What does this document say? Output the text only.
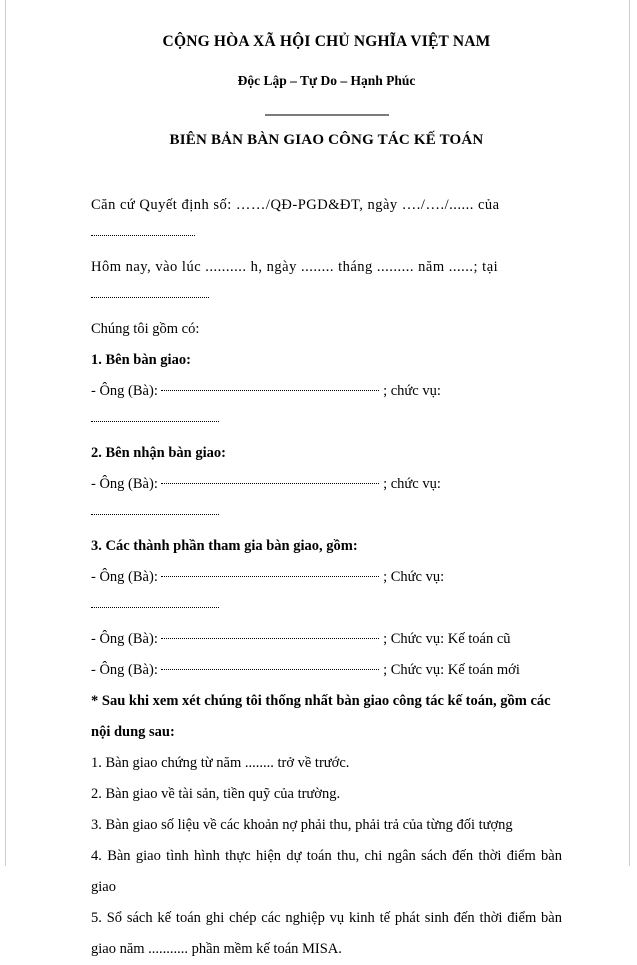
CỘNG HÒA XÃ HỘI CHỦ NGHĨA VIỆT NAM
Độc Lập – Tự Do – Hạnh Phúc
BIÊN BẢN BÀN GIAO CÔNG TÁC KẾ TOÁN

Căn cứ Quyết định số: ……/QĐ-PGD&ĐT, ngày …./…./...... của

Hôm nay, vào lúc .......... h, ngày ........ tháng ......... năm ......; tại

Chúng tôi gồm có:

1. Bên bàn giao:

- Ông (Bà):	; chức vụ:

2. Bên nhận bàn giao:

- Ông (Bà):	; chức vụ:

3. Các thành phần tham gia bàn giao, gồm:

- Ông (Bà):	; Chức vụ:

- Ông (Bà):	; Chức vụ: Kế toán cũ

- Ông (Bà):	; Chức vụ: Kế toán mới

* Sau khi xem xét chúng tôi thống nhất bàn giao công tác kế toán, gồm các nội dung sau:

1. Bàn giao chứng từ năm ........ trở về trước.

2. Bàn giao về tài sản, tiền quỹ của trường.

3. Bàn giao số liệu về các khoản nợ phải thu, phải trả của từng đối tượng

4. Bàn giao tình hình thực hiện dự toán thu, chi ngân sách đến thời điểm bàn giao

5. Sổ sách kế toán ghi chép các nghiệp vụ kinh tế phát sinh đến thời điểm bàn giao năm ........... phần mềm kế toán MISA.
